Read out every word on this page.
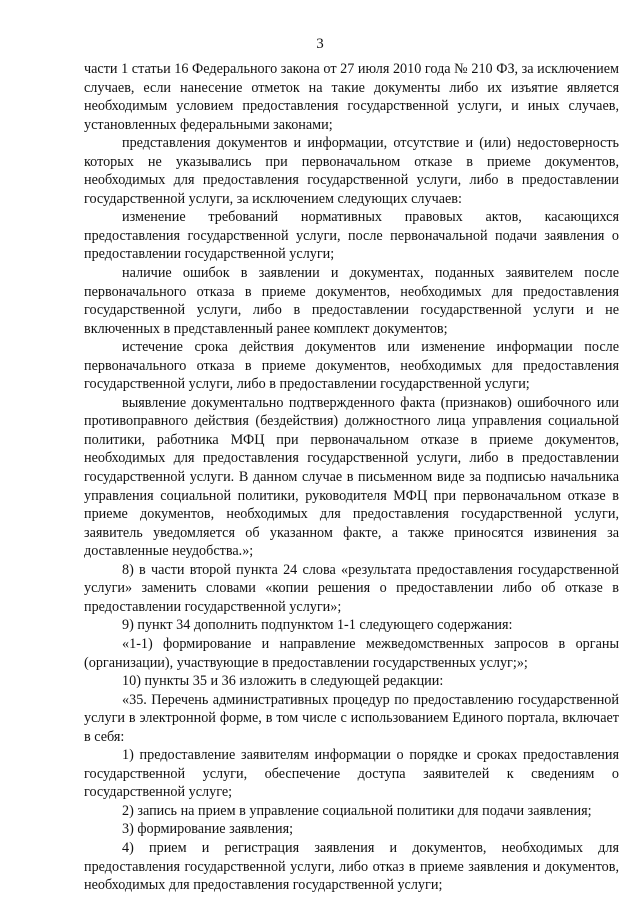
3

части 1 статьи 16 Федерального закона от 27 июля 2010 года № 210 ФЗ, за исключением случаев, если нанесение отметок на такие документы либо их изъятие является необходимым условием предоставления государственной услуги, и иных случаев, установленных федеральными законами;

представления документов и информации, отсутствие и (или) недостоверность которых не указывались при первоначальном отказе в приеме документов, необходимых для предоставления государственной услуги, либо в предоставлении государственной услуги, за исключением следующих случаев:

изменение требований нормативных правовых актов, касающихся предоставления государственной услуги, после первоначальной подачи заявления о предоставлении государственной услуги;

наличие ошибок в заявлении и документах, поданных заявителем после первоначального отказа в приеме документов, необходимых для предоставления государственной услуги, либо в предоставлении государственной услуги и не включенных в представленный ранее комплект документов;

истечение срока действия документов или изменение информации после первоначального отказа в приеме документов, необходимых для предоставления государственной услуги, либо в предоставлении государственной услуги;

выявление документально подтвержденного факта (признаков) ошибочного или противоправного действия (бездействия) должностного лица управления социальной политики, работника МФЦ при первоначальном отказе в приеме документов, необходимых для предоставления государственной услуги, либо в предоставлении государственной услуги. В данном случае в письменном виде за подписью начальника управления социальной политики, руководителя МФЦ при первоначальном отказе в приеме документов, необходимых для предоставления государственной услуги, заявитель уведомляется об указанном факте, а также приносятся извинения за доставленные неудобства.»;

8) в части второй пункта 24 слова «результата предоставления государственной услуги» заменить словами «копии решения о предоставлении либо об отказе в предоставлении государственной услуги»;

9) пункт 34 дополнить подпунктом 1-1 следующего содержания:

«1-1) формирование и направление межведомственных запросов в органы (организации), участвующие в предоставлении государственных услуг;»;

10) пункты 35 и 36 изложить в следующей редакции:

«35. Перечень административных процедур по предоставлению государственной услуги в электронной форме, в том числе с использованием Единого портала, включает в себя:

1) предоставление заявителям информации о порядке и сроках предоставления государственной услуги, обеспечение доступа заявителей к сведениям о государственной услуге;

2) запись на прием в управление социальной политики для подачи заявления;

3) формирование заявления;

4) прием и регистрация заявления и документов, необходимых для предоставления государственной услуги, либо отказ в приеме заявления и документов, необходимых для предоставления государственной услуги;
